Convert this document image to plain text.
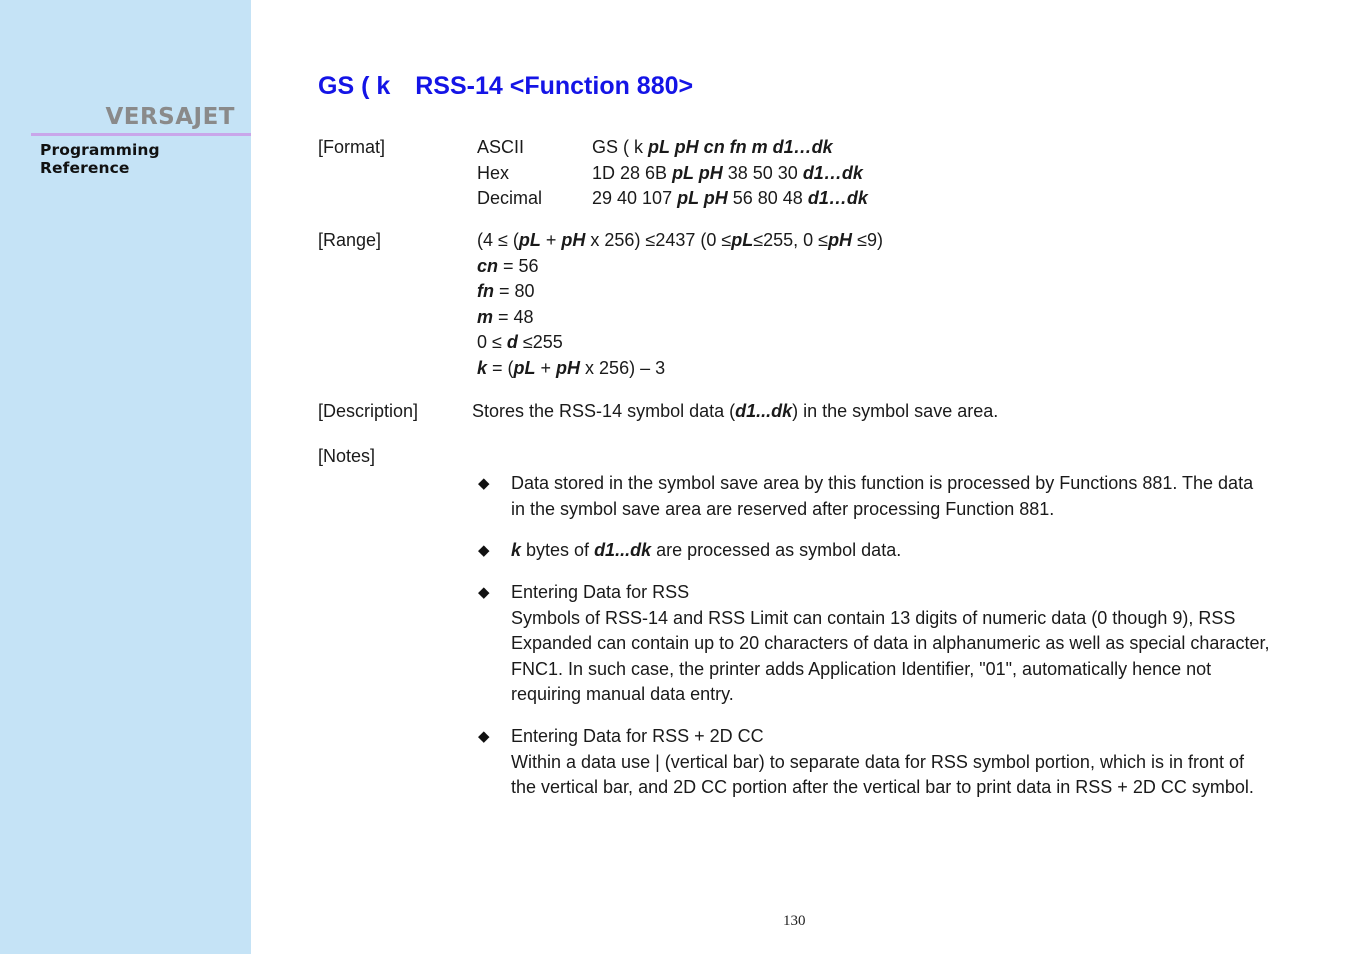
VERSAJET
Programming Reference
GS ( k RSS-14 <Function 880>
[Format]	ASCII	GS ( k pL pH cn fn m d1…dk
Hex	1D 28 6B pL pH 38 50 30 d1…dk
Decimal	29 40 107 pL pH 56 80 48 d1…dk
[Range]	(4 ≤ (pL + pH x 256) ≤2437 (0 ≤pL≤255, 0 ≤pH ≤9)
cn = 56
fn = 80
m = 48
0 ≤ d ≤255
k = (pL + pH x 256) – 3
[Description]	Stores the RSS-14 symbol data (d1...dk) in the symbol save area.
[Notes]
◆ Data stored in the symbol save area by this function is processed by Functions 881. The data in the symbol save area are reserved after processing Function 881.
◆ k bytes of d1...dk are processed as symbol data.
◆ Entering Data for RSS
Symbols of RSS-14 and RSS Limit can contain 13 digits of numeric data (0 though 9), RSS Expanded can contain up to 20 characters of data in alphanumeric as well as special character, FNC1. In such case, the printer adds Application Identifier, "01", automatically hence not requiring manual data entry.
◆ Entering Data for RSS + 2D CC
Within a data use | (vertical bar) to separate data for RSS symbol portion, which is in front of the vertical bar, and 2D CC portion after the vertical bar to print data in RSS + 2D CC symbol.
130
